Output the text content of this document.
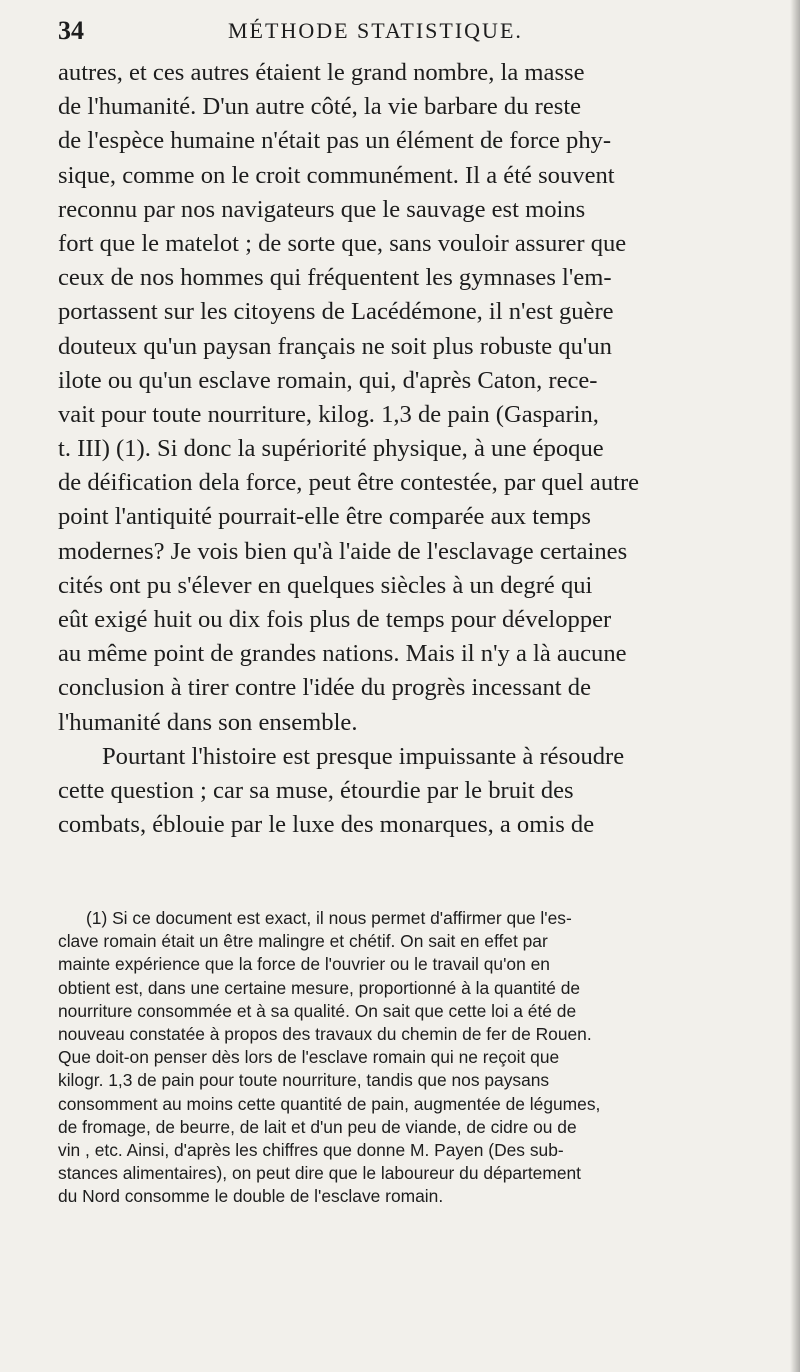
34	MÉTHODE STATISTIQUE.
autres, et ces autres étaient le grand nombre, la masse
de l'humanité. D'un autre côté, la vie barbare du reste
de l'espèce humaine n'était pas un élément de force phy-
sique, comme on le croit communément. Il a été souvent
reconnu par nos navigateurs que le sauvage est moins
fort que le matelot ; de sorte que, sans vouloir assurer que
ceux de nos hommes qui fréquentent les gymnases l'em-
portassent sur les citoyens de Lacédémone, il n'est guère
douteux qu'un paysan français ne soit plus robuste qu'un
ilote ou qu'un esclave romain, qui, d'après Caton, rece-
vait pour toute nourriture, kilog. 1,3 de pain (Gasparin,
t. III) (1). Si donc la supériorité physique, à une époque
de déification dela force, peut être contestée, par quel autre
point l'antiquité pourrait-elle être comparée aux temps
modernes? Je vois bien qu'à l'aide de l'esclavage certaines
cités ont pu s'élever en quelques siècles à un degré qui
eût exigé huit ou dix fois plus de temps pour développer
au même point de grandes nations. Mais il n'y a là aucune
conclusion à tirer contre l'idée du progrès incessant de
l'humanité dans son ensemble.
Pourtant l'histoire est presque impuissante à résoudre
cette question ; car sa muse, étourdie par le bruit des
combats, éblouie par le luxe des monarques, a omis de
(1) Si ce document est exact, il nous permet d'affirmer que l'es-
clave romain était un être malingre et chétif. On sait en effet par
mainte expérience que la force de l'ouvrier ou le travail qu'on en
obtient est, dans une certaine mesure, proportionné à la quantité de
nourriture consommée et à sa qualité. On sait que cette loi a été de
nouveau constatée à propos des travaux du chemin de fer de Rouen.
Que doit-on penser dès lors de l'esclave romain qui ne reçoit que
kilogr. 1,3 de pain pour toute nourriture, tandis que nos paysans
consomment au moins cette quantité de pain, augmentée de légumes,
de fromage, de beurre, de lait et d'un peu de viande, de cidre ou de
vin , etc. Ainsi, d'après les chiffres que donne M. Payen (Des sub-
stances alimentaires), on peut dire que le laboureur du département
du Nord consomme le double de l'esclave romain.
